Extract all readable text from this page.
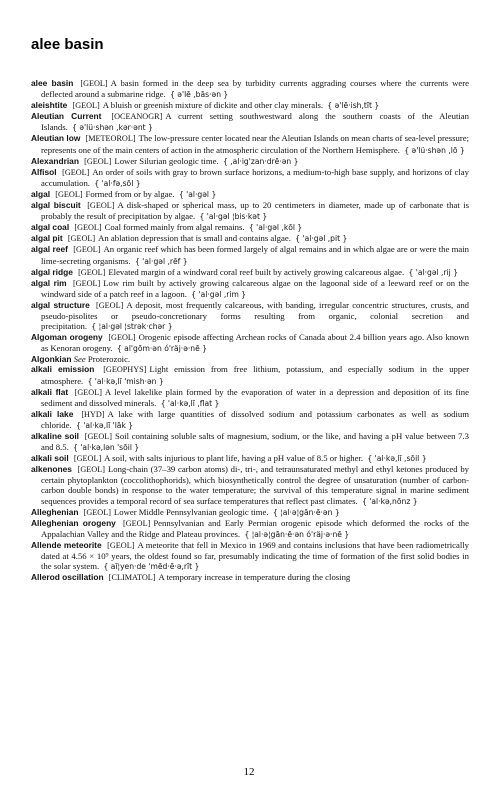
alee basin
alee basin [GEOL] A basin formed in the deep sea by turbidity currents aggrading courses where the currents were deflected around a submarine ridge. { ə'lē ,bās·ən }
aleishtite [GEOL] A bluish or greenish mixture of dickite and other clay minerals. { ə'lē·ish,tīt }
Aleutian Current [OCEANOGR] A current setting southwestward along the southern coasts of the Aleutian Islands. { ə'lü·shən ,kər·ənt }
Aleutian low [METEOROL] The low-pressure center located near the Aleutian Islands on mean charts of sea-level pressure; represents one of the main centers of action in the atmospheric circulation of the Northern Hemisphere. { ə'lü·shən ,lō }
Alexandrian [GEOL] Lower Silurian geologic time. { ,al·ig'zan·drē·ən }
Alfisol [GEOL] An order of soils with gray to brown surface horizons, a medium-to-high base supply, and horizons of clay accumulation. { 'al·fə,sōl }
algal [GEOL] Formed from or by algae. { 'al·gəl }
algal biscuit [GEOL] A disk-shaped or spherical mass, up to 20 centimeters in diameter, made up of carbonate that is probably the result of precipitation by algae. { 'al·gəl ¦bis·kət }
algal coal [GEOL] Coal formed mainly from algal remains. { 'al·gəl ,kōl }
algal pit [GEOL] An ablation depression that is small and contains algae. { 'al·gəl ,pit }
algal reef [GEOL] An organic reef which has been formed largely of algal remains and in which algae are or were the main lime-secreting organisms. { 'al·gəl ,rēf }
algal ridge [GEOL] Elevated margin of a windward coral reef built by actively growing calcareous algae. { 'al·gəl ,rij }
algal rim [GEOL] Low rim built by actively growing calcareous algae on the lagoonal side of a leeward reef or on the windward side of a patch reef in a lagoon. { 'al·gəl ,rim }
algal structure [GEOL] A deposit, most frequently calcareous, with banding, irregular concentric structures, crusts, and pseudo-pisolites or pseudo-concretionary forms resulting from organic, colonial secretion and precipitation. { ¦al·gəl ¦strək·chər }
Algoman orogeny [GEOL] Orogenic episode affecting Archean rocks of Canada about 2.4 billion years ago. Also known as Kenoran orogeny. { al'gōm·ən ó'räj·ə·nē }
Algonkian See Proterozoic.
alkali emission [GEOPHYS] Light emission from free lithium, potassium, and especially sodium in the upper atmosphere. { 'al·kə,lī 'mish·ən }
alkali flat [GEOL] A level lakelike plain formed by the evaporation of water in a depression and deposition of its fine sediment and dissolved minerals. { 'al·kə,lī ,flat }
alkali lake [HYD] A lake with large quantities of dissolved sodium and potassium carbonates as well as sodium chloride. { 'al·kə,lī 'lāk }
alkaline soil [GEOL] Soil containing soluble salts of magnesium, sodium, or the like, and having a pH value between 7.3 and 8.5. { 'al·kə,lən 'sōil }
alkali soil [GEOL] A soil, with salts injurious to plant life, having a pH value of 8.5 or higher. { 'al·kə,lī ,sōil }
alkenones [GEOL] Long-chain (37–39 carbon atoms) di-, tri-, and tetraunsaturated methyl and ethyl ketones produced by certain phytoplankton (coccolithophorids), which biosynthetically control the degree of unsaturation (number of carbon-carbon double bonds) in response to the water temperature; the survival of this temperature signal in marine sediment sequences provides a temporal record of sea surface temperatures that reflect past climates. { 'al·kə,nōnz }
Alleghenian [GEOL] Lower Middle Pennsylvanian geologic time. { ¦al·ə¦gān·ē·ən }
Alleghenian orogeny [GEOL] Pennsylvanian and Early Permian orogenic episode which deformed the rocks of the Appalachian Valley and the Ridge and Plateau provinces. { ¦al·ə¦gān·ē·ən ó'räj·ə·nē }
Allende meteorite [GEOL] A meteorite that fell in Mexico in 1969 and contains inclusions that have been radiometrically dated at 4.56 × 10⁹ years, the oldest found so far, presumably indicating the time of formation of the first solid bodies in the solar system. { aī¦yen·de 'mēd·ē·ə,rīt }
Allerod oscillation [CLIMATOL] A temporary increase in temperature during the closing
12
